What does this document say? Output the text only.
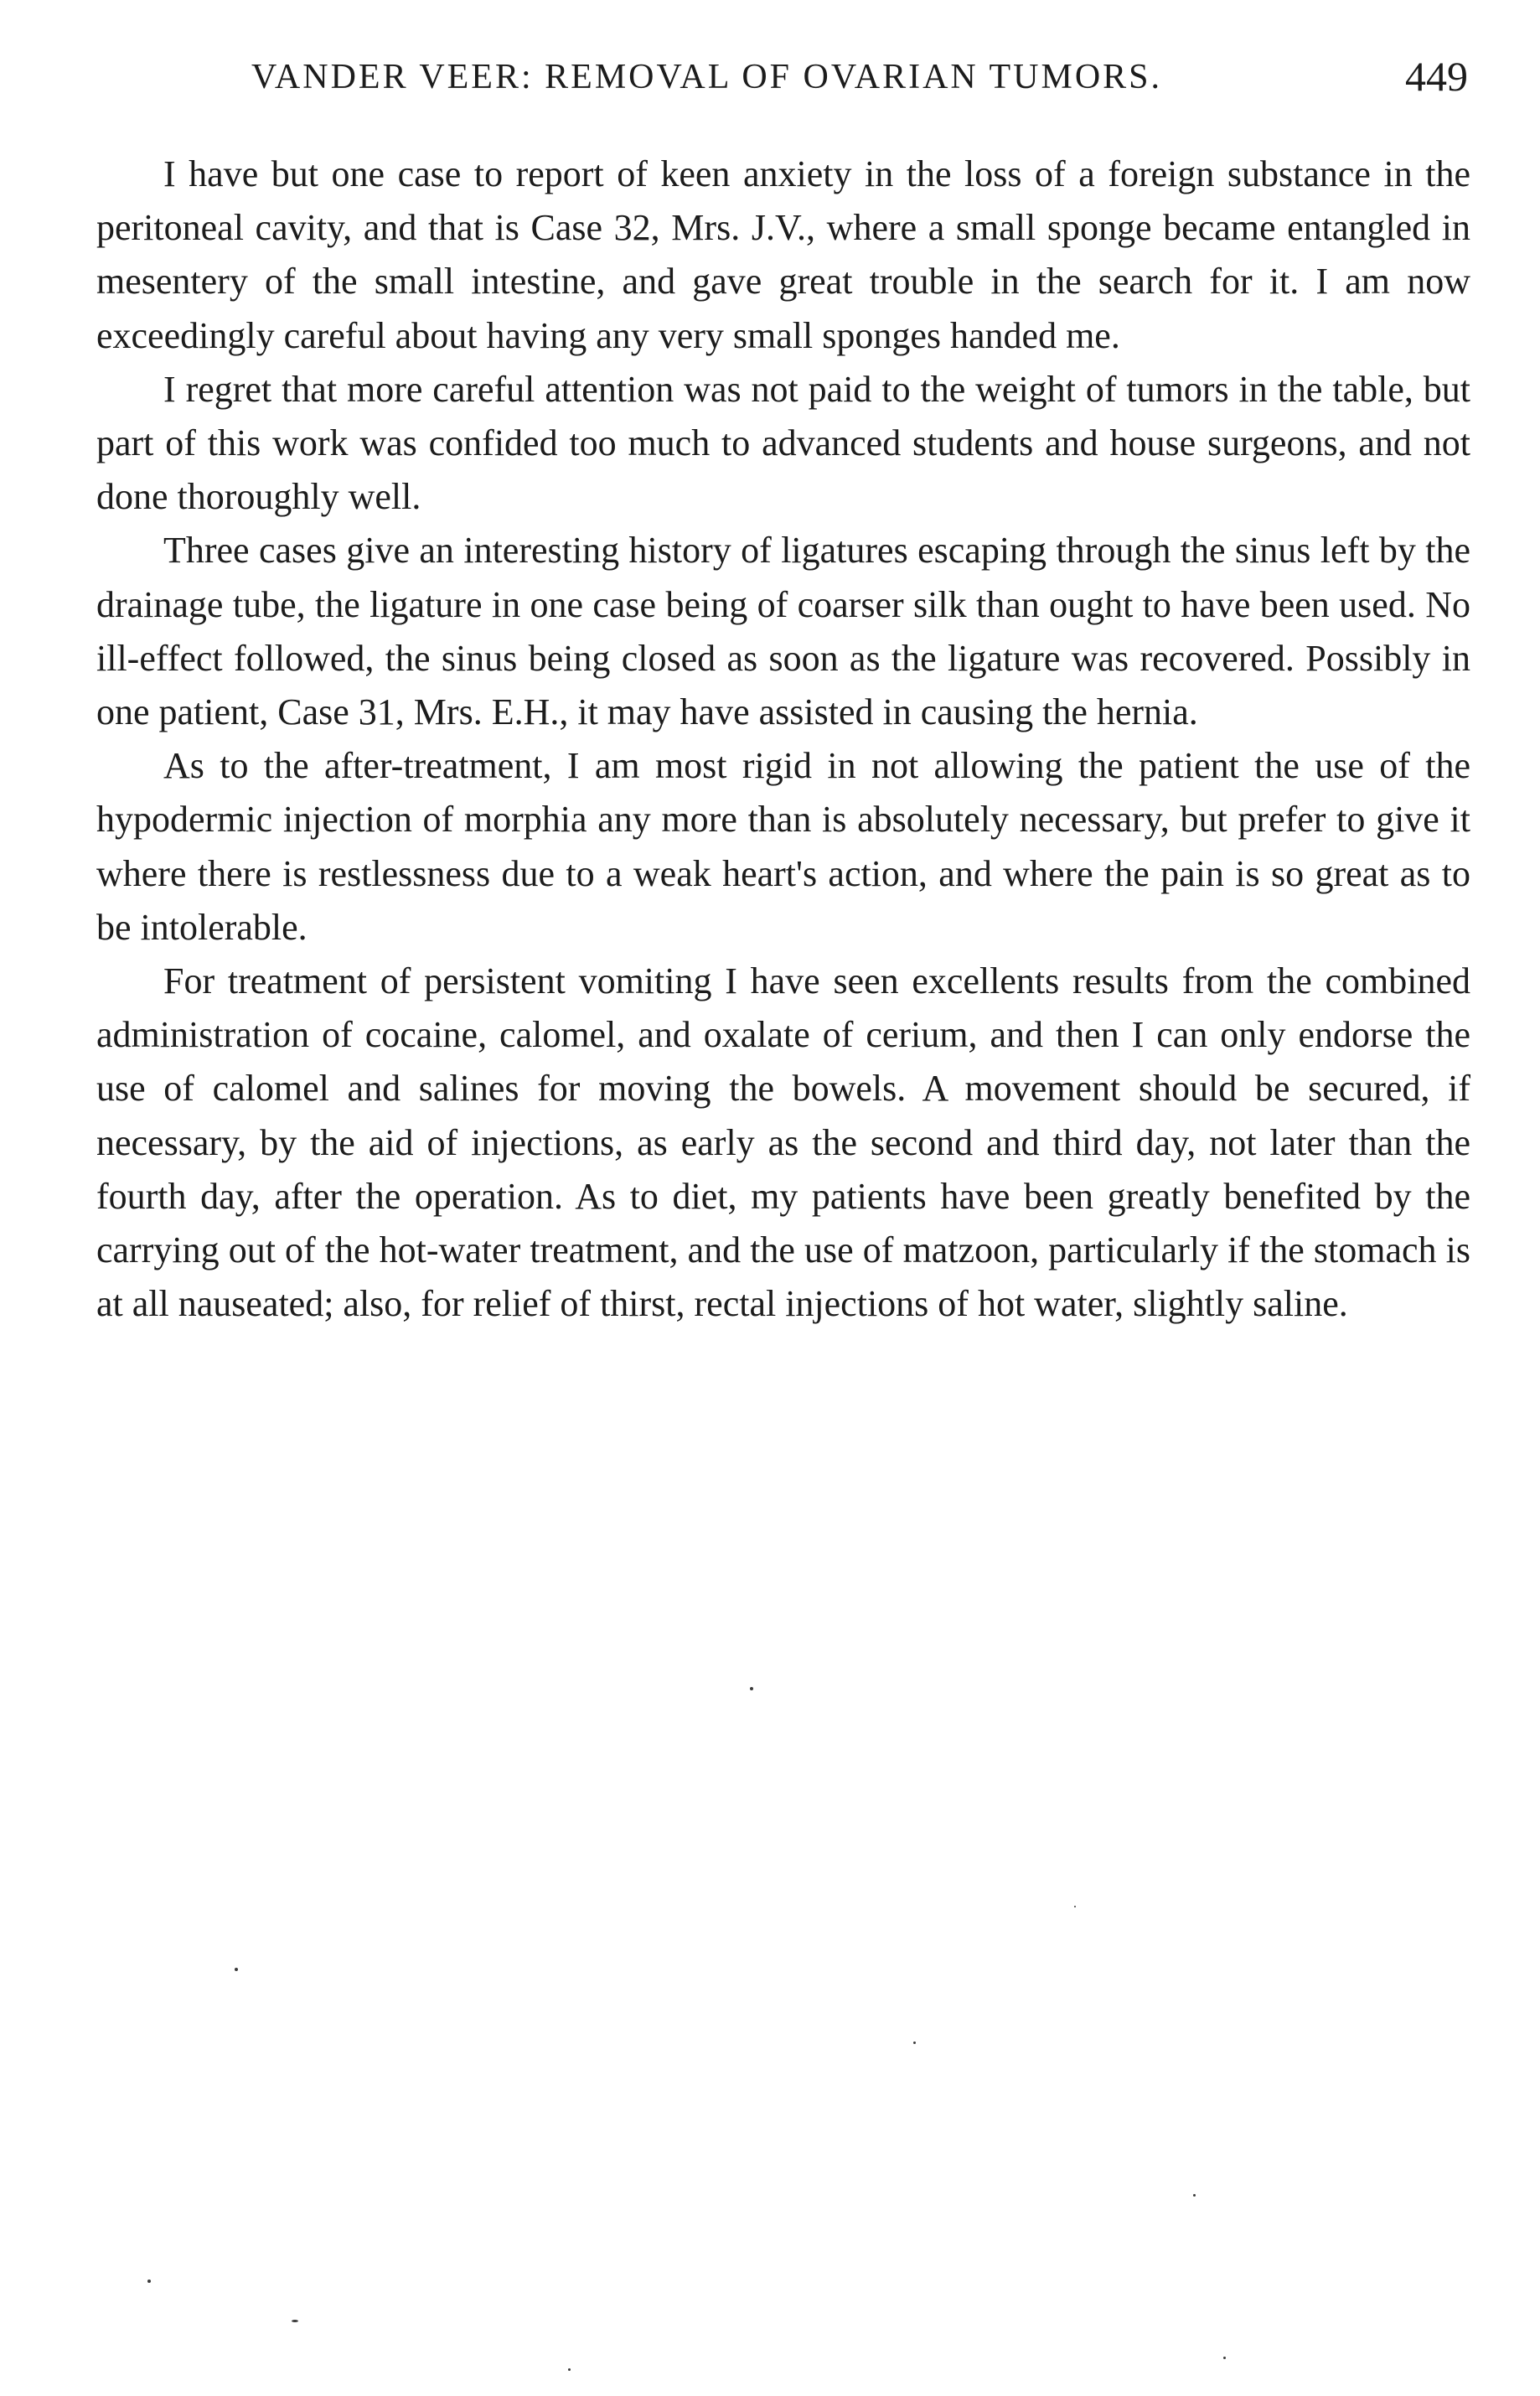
VANDER VEER: REMOVAL OF OVARIAN TUMORS.	449

I have but one case to report of keen anxiety in the loss of a foreign substance in the peritoneal cavity, and that is Case 32, Mrs. J.V., where a small sponge became entangled in mesentery of the small intestine, and gave great trouble in the search for it. I am now exceedingly careful about having any very small sponges handed me.

I regret that more careful attention was not paid to the weight of tumors in the table, but part of this work was confided too much to advanced students and house surgeons, and not done thoroughly well.

Three cases give an interesting history of ligatures escaping through the sinus left by the drainage tube, the ligature in one case being of coarser silk than ought to have been used. No ill-effect followed, the sinus being closed as soon as the ligature was recovered. Possibly in one patient, Case 31, Mrs. E.H., it may have assisted in causing the hernia.

As to the after-treatment, I am most rigid in not allowing the patient the use of the hypodermic injection of morphia any more than is absolutely necessary, but prefer to give it where there is restlessness due to a weak heart's action, and where the pain is so great as to be intolerable.

For treatment of persistent vomiting I have seen excellents results from the combined administration of cocaine, calomel, and oxalate of cerium, and then I can only endorse the use of calomel and salines for moving the bowels. A movement should be secured, if necessary, by the aid of injections, as early as the second and third day, not later than the fourth day, after the operation. As to diet, my patients have been greatly benefited by the carrying out of the hot-water treatment, and the use of matzoon, particularly if the stomach is at all nauseated; also, for relief of thirst, rectal injections of hot water, slightly saline.
